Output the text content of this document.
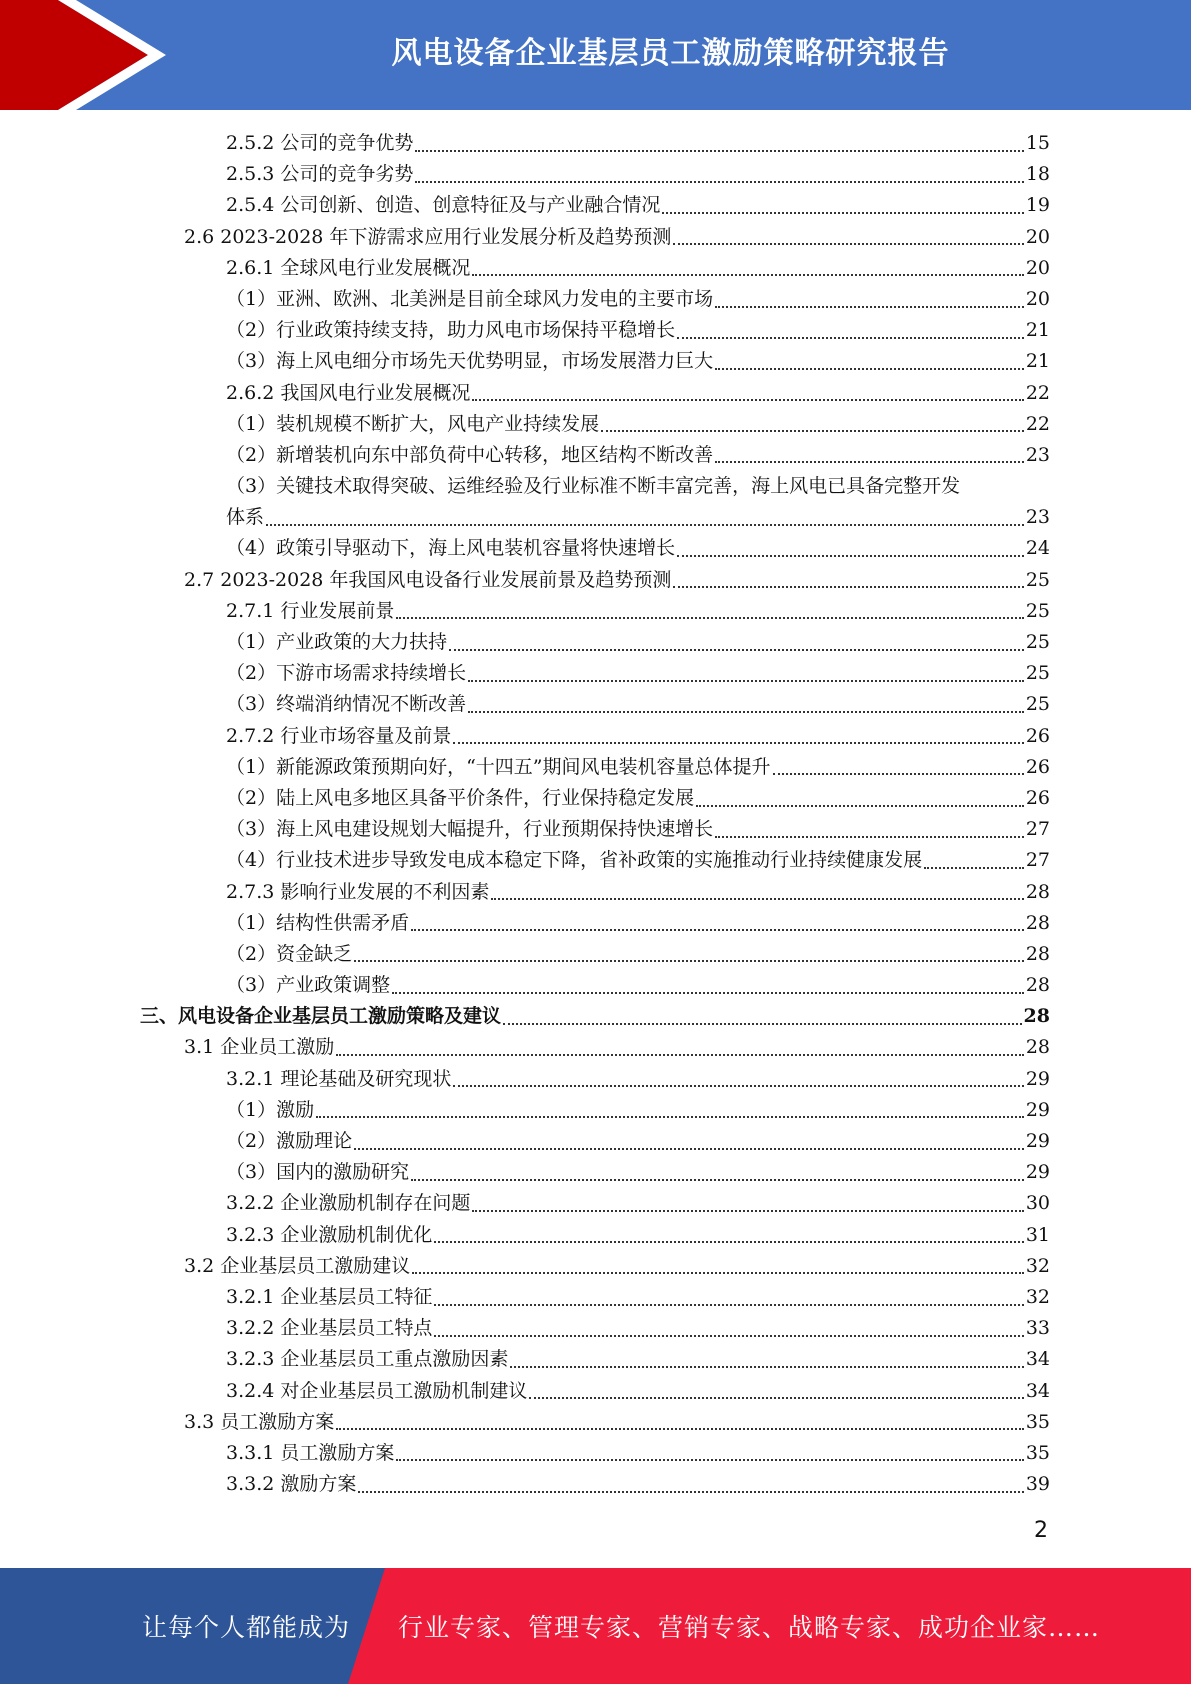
风电设备企业基层员工激励策略研究报告
2.5.2 公司的竞争优势	15
2.5.3 公司的竞争劣势	18
2.5.4 公司创新、创造、创意特征及与产业融合情况	19
2.6 2023-2028 年下游需求应用行业发展分析及趋势预测	20
2.6.1 全球风电行业发展概况	20
（1）亚洲、欧洲、北美洲是目前全球风力发电的主要市场	20
（2）行业政策持续支持，助力风电市场保持平稳增长	21
（3）海上风电细分市场先天优势明显，市场发展潜力巨大	21
2.6.2 我国风电行业发展概况	22
（1）装机规模不断扩大，风电产业持续发展	22
（2）新增装机向东中部负荷中心转移，地区结构不断改善	23
（3）关键技术取得突破、运维经验及行业标准不断丰富完善，海上风电已具备完整开发
体系	23
（4）政策引导驱动下，海上风电装机容量将快速增长	24
2.7 2023-2028 年我国风电设备行业发展前景及趋势预测	25
2.7.1 行业发展前景	25
（1）产业政策的大力扶持	25
（2）下游市场需求持续增长	25
（3）终端消纳情况不断改善	25
2.7.2 行业市场容量及前景	26
（1）新能源政策预期向好，“十四五”期间风电装机容量总体提升	26
（2）陆上风电多地区具备平价条件，行业保持稳定发展	26
（3）海上风电建设规划大幅提升，行业预期保持快速增长	27
（4）行业技术进步导致发电成本稳定下降，省补政策的实施推动行业持续健康发展	27
2.7.3 影响行业发展的不利因素	28
（1）结构性供需矛盾	28
（2）资金缺乏	28
（3）产业政策调整	28
三、风电设备企业基层员工激励策略及建议	28
3.1 企业员工激励	28
3.2.1 理论基础及研究现状	29
（1）激励	29
（2）激励理论	29
（3）国内的激励研究	29
3.2.2 企业激励机制存在问题	30
3.2.3 企业激励机制优化	31
3.2 企业基层员工激励建议	32
3.2.1 企业基层员工特征	32
3.2.2 企业基层员工特点	33
3.2.3 企业基层员工重点激励因素	34
3.2.4 对企业基层员工激励机制建议	34
3.3 员工激励方案	35
3.3.1 员工激励方案	35
3.3.2 激励方案	39
2
让每个人都能成为 行业专家、管理专家、营销专家、战略专家、成功企业家……
